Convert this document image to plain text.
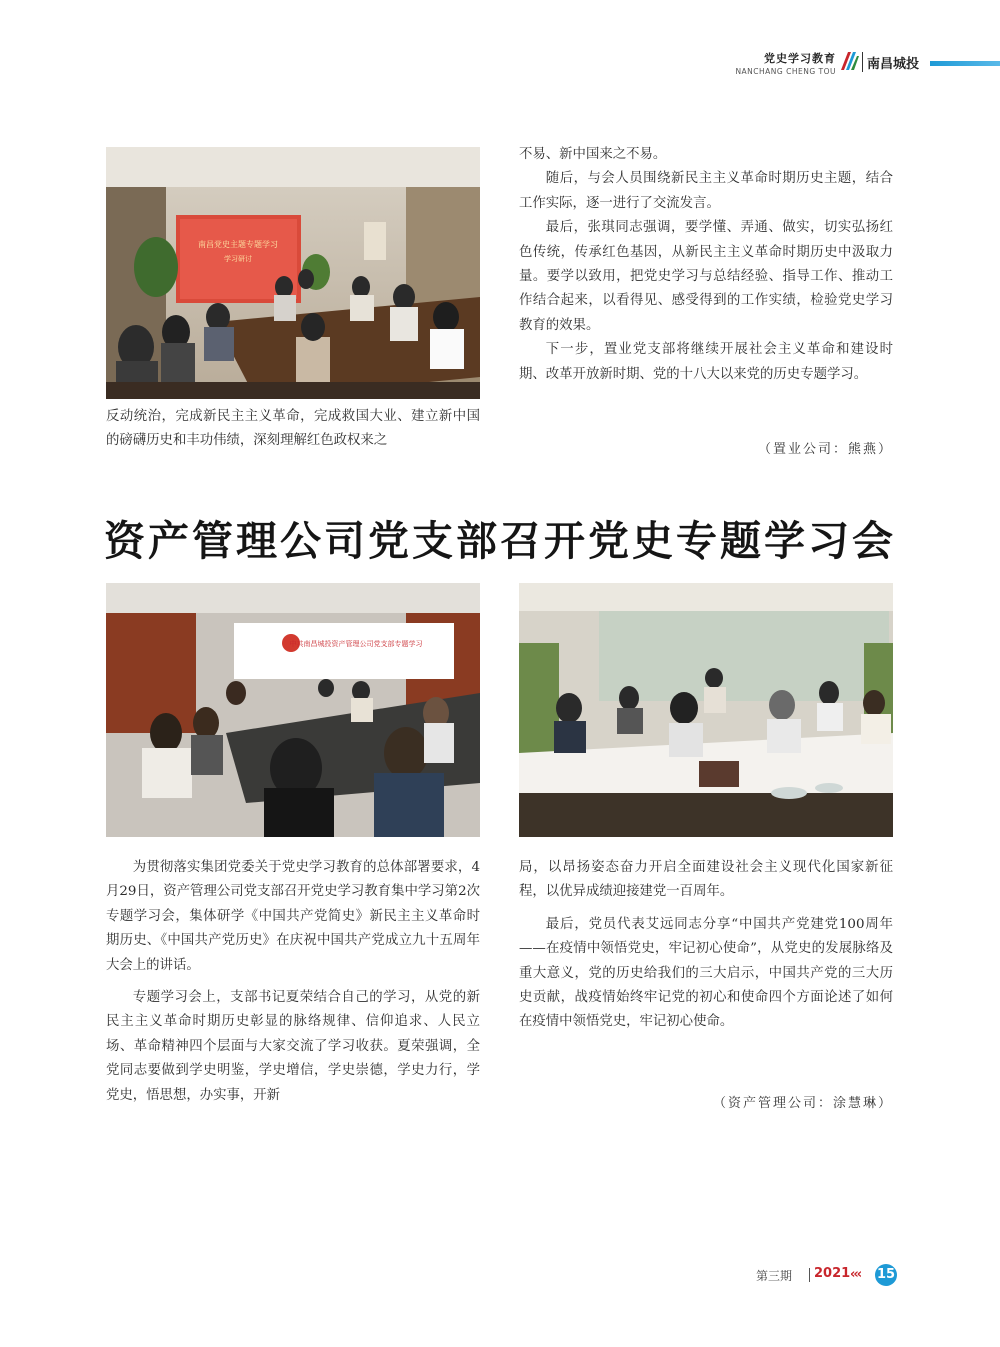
党史学习教育
NANCHANG CHENG TOU 南昌城投
南昌党史主题专题学习
学习研讨

反动统治，完成新民主主义革命，完成救国大业、建立新中国的磅礴历史和丰功伟绩，深刻理解红色政权来之

不易、新中国来之不易。

随后，与会人员围绕新民主主义革命时期历史主题，结合工作实际，逐一进行了交流发言。

最后，张琪同志强调，要学懂、弄通、做实，切实弘扬红色传统，传承红色基因，从新民主主义革命时期历史中汲取力量。要学以致用，把党史学习与总结经验、指导工作、推动工作结合起来，以看得见、感受得到的工作实绩，检验党史学习教育的效果。

下一步，置业党支部将继续开展社会主义革命和建设时期、改革开放新时期、党的十八大以来党的历史专题学习。

（置业公司：熊燕）
资产管理公司党支部召开党史专题学习会
中共南昌城投资产管理公司党支部专题学习

为贯彻落实集团党委关于党史学习教育的总体部署要求，4月29日，资产管理公司党支部召开党史学习教育集中学习第2次专题学习会，集体研学《中国共产党简史》新民主主义革命时期历史、《中国共产党历史》在庆祝中国共产党成立九十五周年大会上的讲话。

专题学习会上，支部书记夏荣结合自己的学习，从党的新民主主义革命时期历史彰显的脉络规律、信仰追求、人民立场、革命精神四个层面与大家交流了学习收获。夏荣强调，全党同志要做到学史明鉴，学史增信，学史崇德，学史力行，学党史，悟思想，办实事，开新

局，以昂扬姿态奋力开启全面建设社会主义现代化国家新征程，以优异成绩迎接建党一百周年。

最后，党员代表艾远同志分享“中国共产党建党100周年——在疫情中领悟党史，牢记初心使命”，从党史的发展脉络及重大意义，党的历史给我们的三大启示，中国共产党的三大历史贡献，战疫情始终牢记党的初心和使命四个方面论述了如何在疫情中领悟党史，牢记初心使命。

（资产管理公司：涂慧琳）
第三期 2021 ‹‹‹ 15
